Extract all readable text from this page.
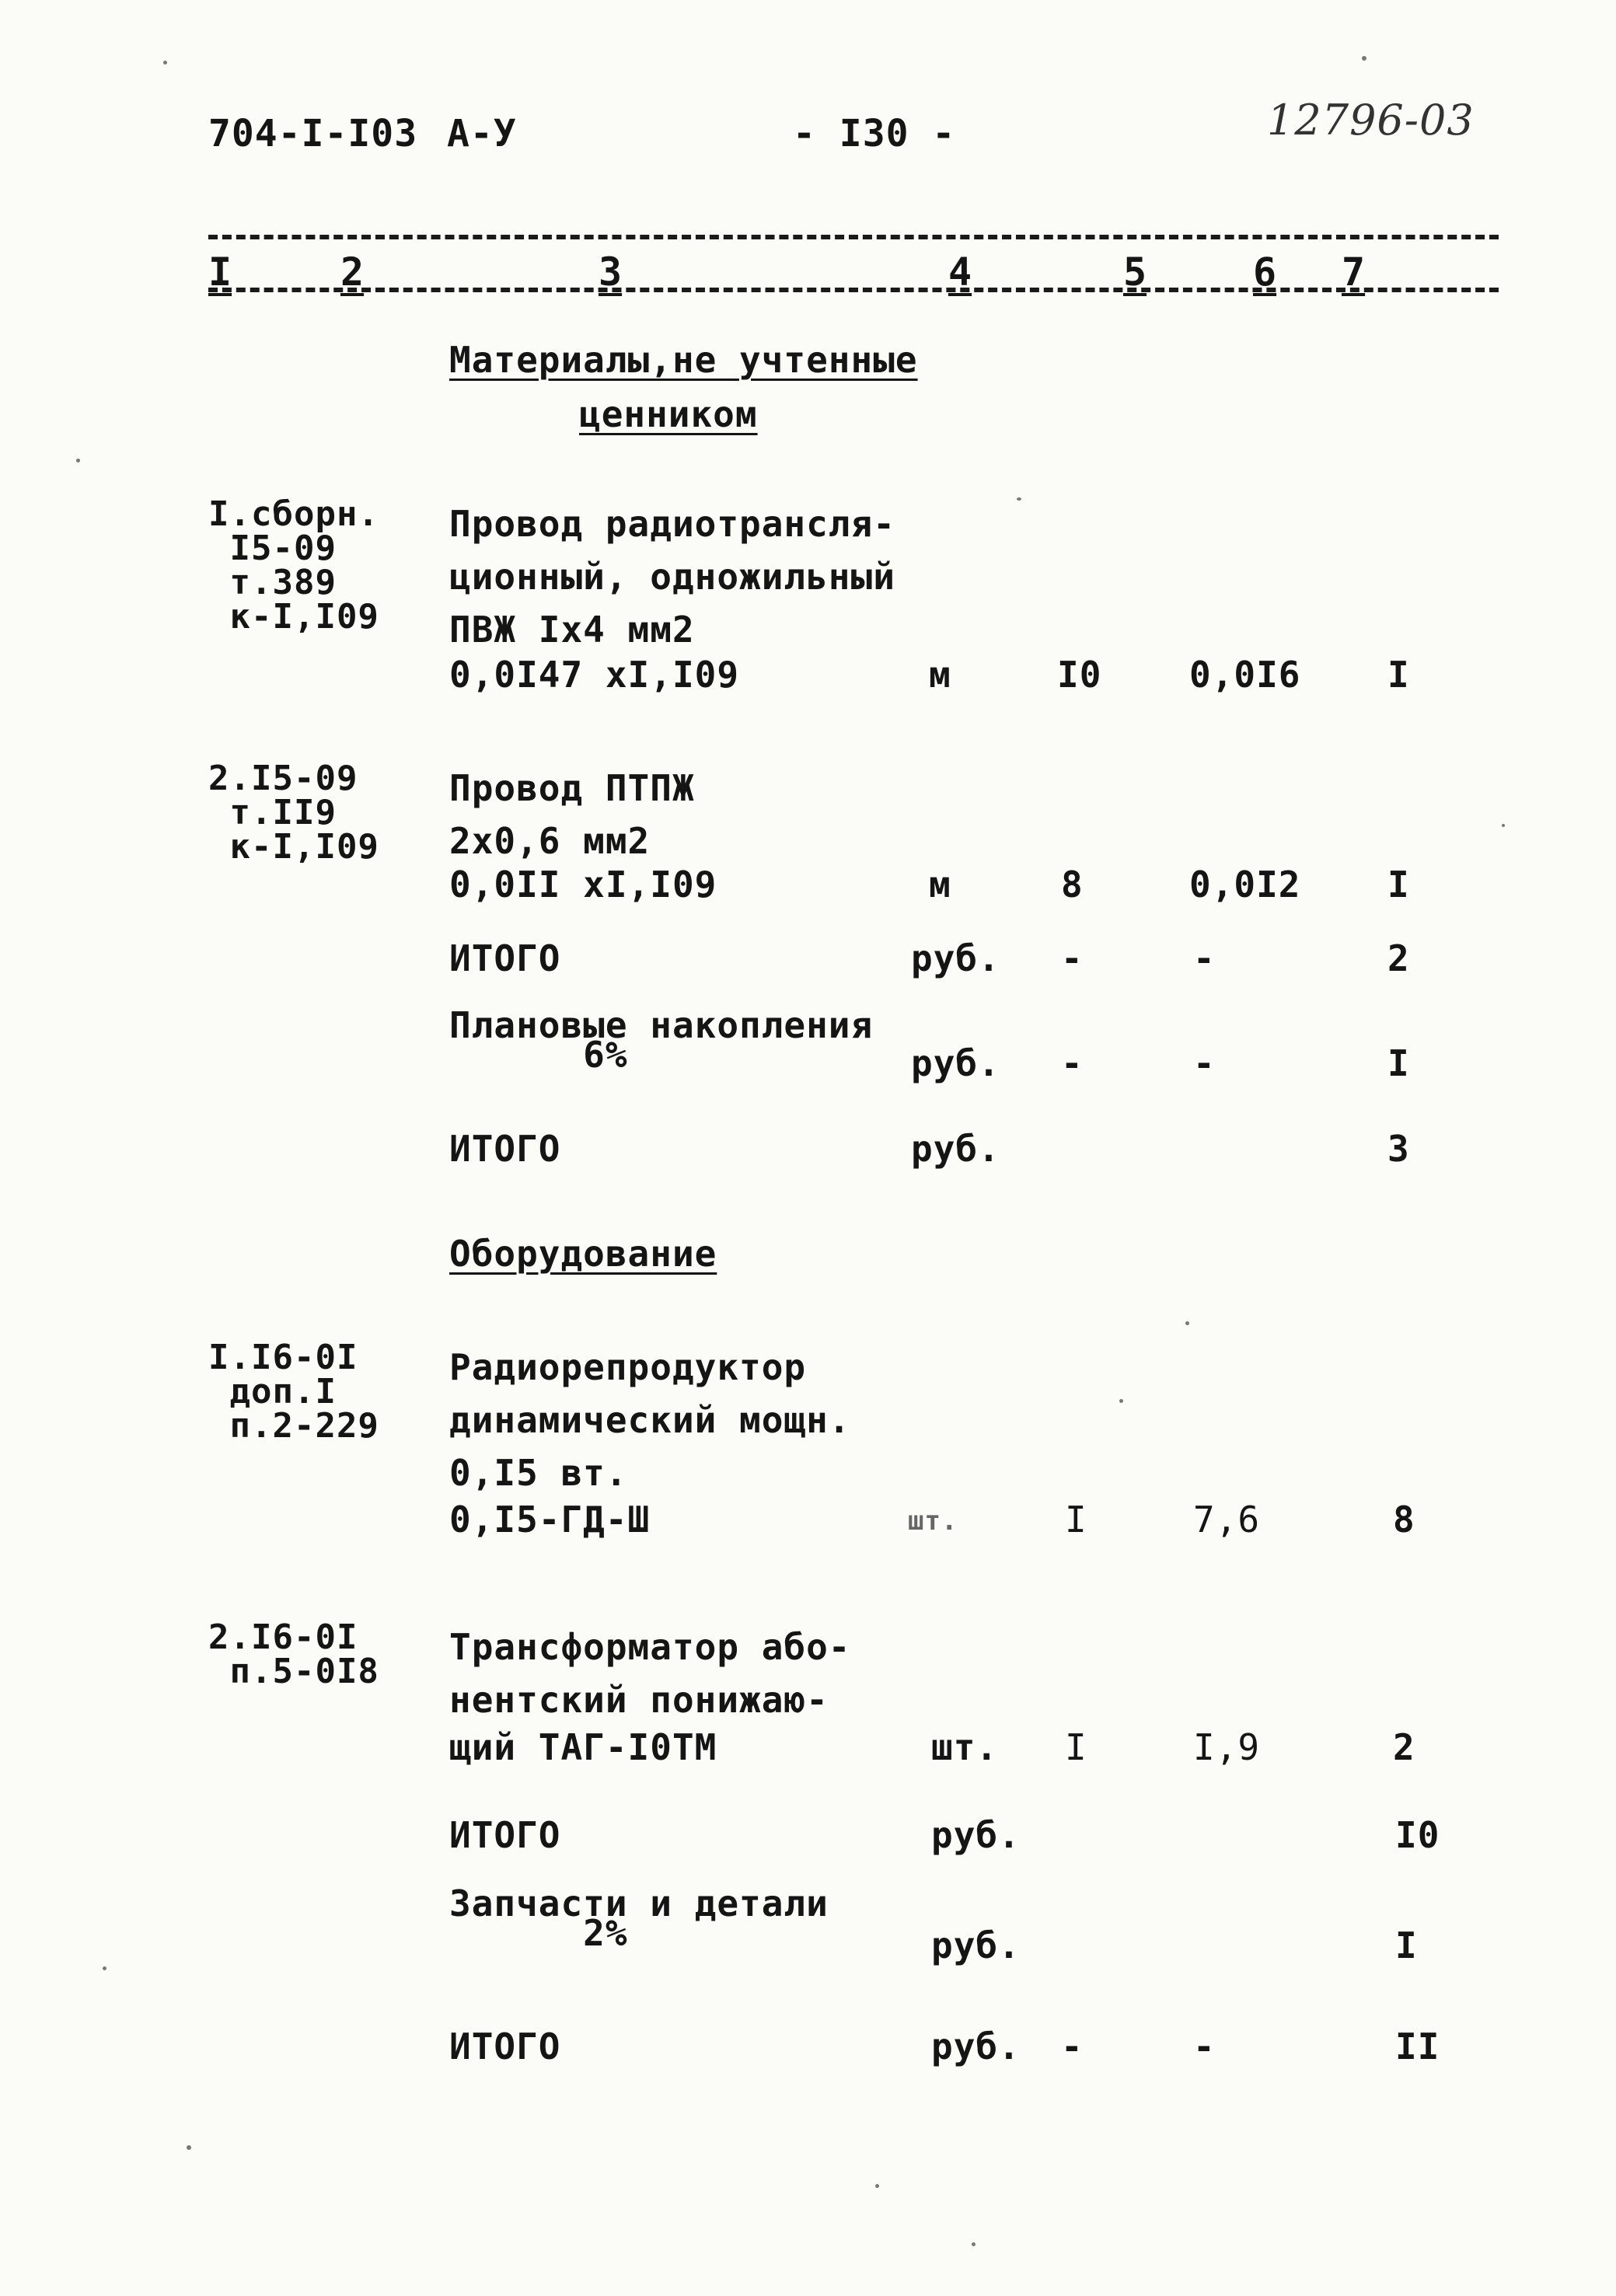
704-I-I03 А-У	- I30 -	12796-03
I	2	3	4	5	6 7
Материалы,не учтенные
ценником
I.сборн.
I5-09
т.389
к-I,I09
Провод радиотрансля-
ционный, одножильный
ПВЖ Iх4 мм2
0,0I47 хI,I09	м	I0 0,0I6 I
2.I5-09
т.II9
к-I,I09
Провод ПТПЖ
2х0,6 мм2
0,0II хI,I09	м	8	0,0I2 I
ИТОГО	руб. -	-	2
Плановые накопления
6%	руб. -	-	I
ИТОГО	руб.	3
Оборудование
I.I6-0I
доп.I
п.2-229
Радиорепродуктор
динамический мощн.
0,I5 вт.
0,I5-ГД-Ш	шт.	I	7,6	8
2.I6-0I
п.5-0I8
Трансформатор або-
нентский понижаю-
щий ТАГ-I0ТМ	шт. I	I,9	2
ИТОГО	руб.	I0
Запчасти и детали
2%	руб.	I
ИТОГО	руб. -	-	II
